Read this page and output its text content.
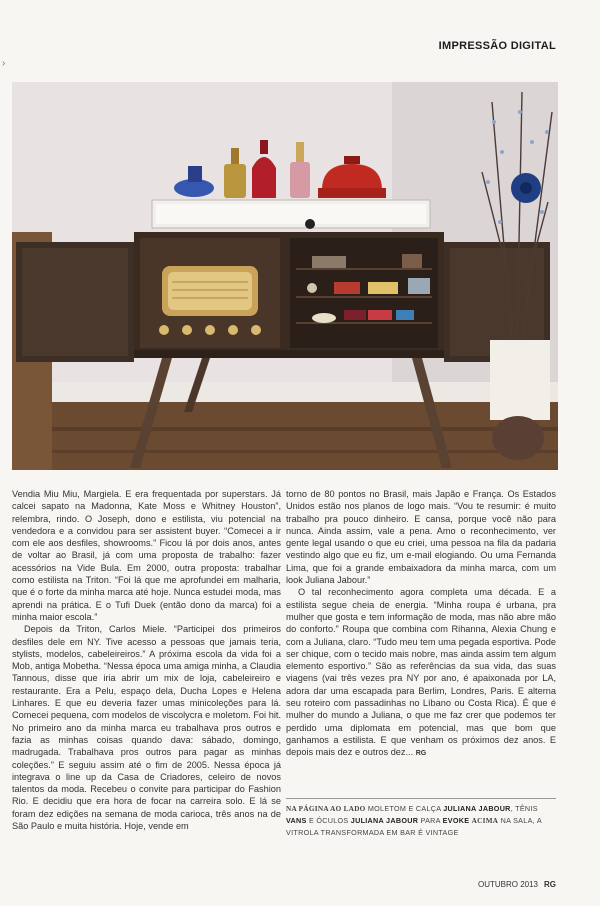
›
IMPRESSÃO DIGITAL

Vendia Miu Miu, Margiela. E era frequentada por superstars. Já calcei sapato na Madonna, Kate Moss e Whitney Houston”, relembra, rindo. O Joseph, dono e estilista, viu potencial na vendedora e a convidou para ser assistent buyer. “Comecei a ir com ele aos desfiles, showrooms.” Ficou lá por dois anos, antes de voltar ao Brasil, já com uma proposta de trabalho: fazer acessórios na Vide Bula. Em 2000, outra proposta: trabalhar como estilista na Triton. “Foi lá que me aprofundei em malharia, que é o forte da minha marca até hoje. Nunca estudei moda, mas aprendi na prática. E o Tufi Duek (então dono da marca) foi a minha maior escola.”

Depois da Triton, Carlos Miele. “Participei dos primeiros desfiles dele em NY. Tive acesso a pessoas que jamais teria, stylists, modelos, cabeleireiros.” A próxima escola da vida foi a Mob, antiga Mobetha. “Nessa época uma amiga minha, a Claudia Tannous, disse que iria abrir um mix de loja, cabeleireiro e restaurante. Era a Pelu, espaço dela, Ducha Lopes e Helena Linhares. E que eu deveria fazer umas minicoleções para lá. Comecei pequena, com modelos de viscolycra e moletom. Foi hit. No primeiro ano da minha marca eu trabalhava pros outros e fazia as minhas coisas quando dava: sábado, domingo, madrugada. Trabalhava pros outros para pagar as minhas coleções.” E seguiu assim até o fim de 2005. Nessa época já integrava o line up da Casa de Criadores, celeiro de novos talentos da moda. Recebeu o convite para participar do Fashion Rio. E decidiu que era hora de focar na carreira solo. E lá se foram dez edições na semana de moda carioca, três anos na de São Paulo e muita história. Hoje, vende em

torno de 80 pontos no Brasil, mais Japão e França. Os Estados Unidos estão nos planos de logo mais. “Vou te resumir: é muito trabalho pra pouco dinheiro. E cansa, porque você não para nunca. Ainda assim, vale a pena. Amo o reconhecimento, ver gente legal usando o que eu criei, uma pessoa na fila da padaria vestindo algo que eu fiz, um e-mail elogiando. Ou uma Fernanda Lima, que foi a grande embaixadora da minha marca, com um look Juliana Jabour.”

O tal reconhecimento agora completa uma década. E a estilista segue cheia de energia. “Minha roupa é urbana, pra mulher que gosta e tem informação de moda, mas não abre mão do conforto.” Roupa que combina com Rihanna, Alexia Chung e com a Juliana, claro. “Tudo meu tem uma pegada esportiva. Pode ser chique, com o tecido mais nobre, mas ainda assim tem algum elemento esportivo.” São as referências da sua vida, das suas viagens (vai três vezes pra NY por ano, é apaixonada por LA, adora dar uma escapada para Berlim, Londres, Paris. E alterna seu roteiro com passadinhas no Líbano ou Costa Rica). É que é mulher do mundo a Juliana, o que me faz crer que podemos ter perdido uma diplomata em potencial, mas que bom que ganhamos a estilista. E que venham os próximos dez anos. E depois mais dez e outros dez... RG

NA PÁGINA AO LADO MOLETOM E CALÇA JULIANA JABOUR, TÊNIS VANS E ÓCULOS JULIANA JABOUR PARA EVOKE ACIMA NA SALA, A VITROLA TRANSFORMADA EM BAR É VINTAGE
OUTUBRO 2013 RG
